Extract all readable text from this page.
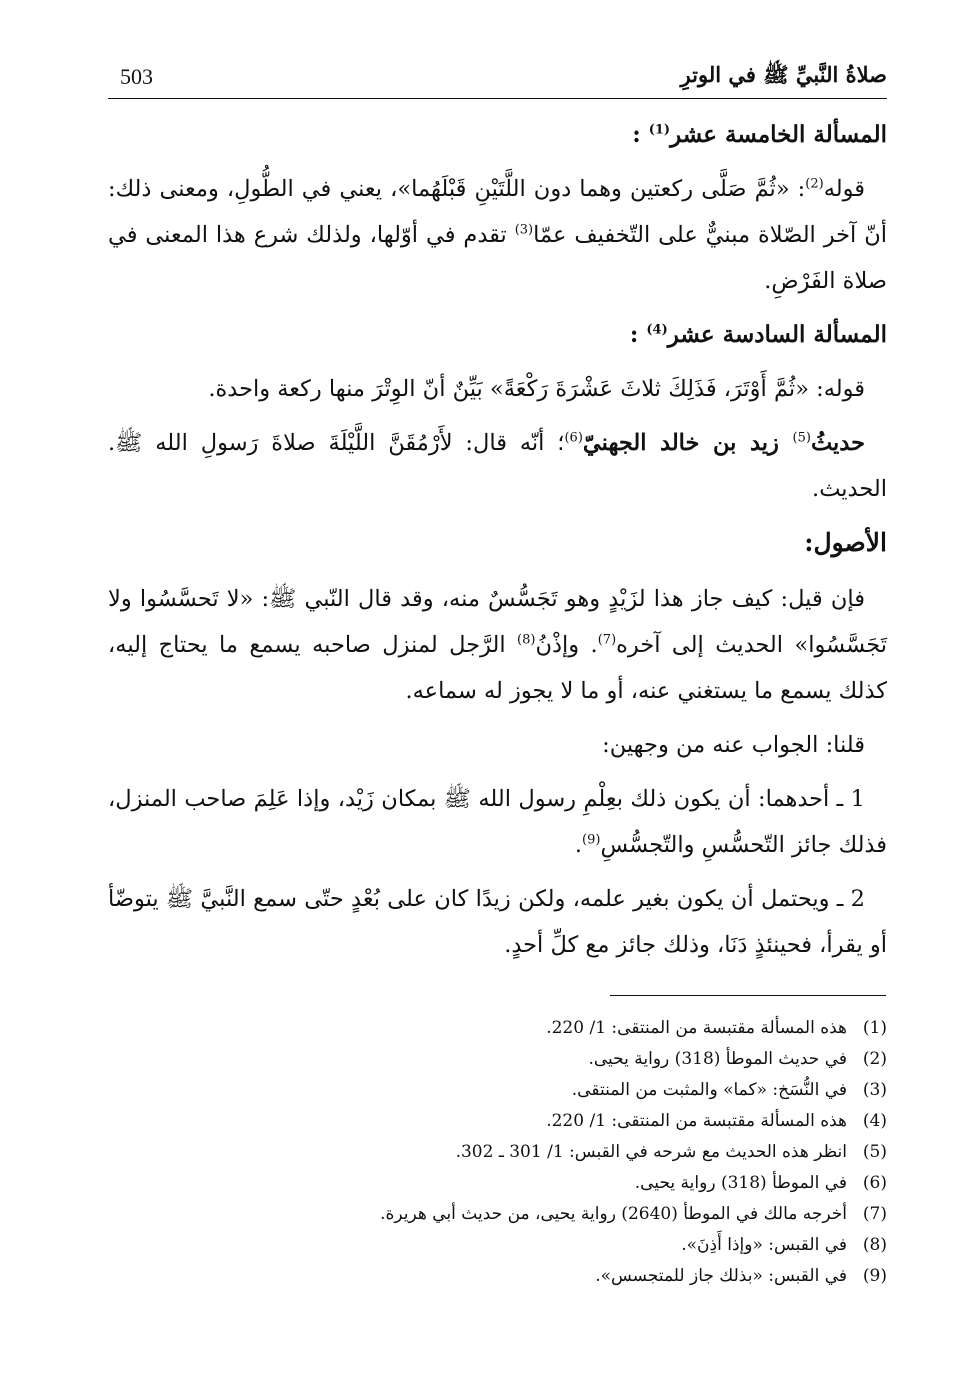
503	صلاةُ النَّبيِّ ﷺ في الوترِ
المسألة الخامسة عشر$^{(1)}$ :

قوله$^{(2)}$: «ثُمَّ صَلَّى ركعتين وهما دون اللَّتَيْنِ قَبْلَهُما»، يعني في الطُّولِ، ومعنى ذلك: أنّ آخر الصّلاة مبنيٌّ على التّخفيف عمّا$^{(3)}$ تقدم في أوّلها، ولذلك شرع هذا المعنى في صلاة الفَرْضِ.

المسألة السادسة عشر$^{(4)}$ :

قوله: «ثُمَّ أَوْتَرَ، فَذَلِكَ ثلاثَ عَشْرَةَ رَكْعَةً» بَيِّنٌ أنّ الوِتْرَ منها ركعة واحدة.

حديثُ$^{(5)}$ زيد بن خالد الجهنيّ$^{(6)}$؛ أنّه قال: لأَرْمُقَنَّ اللَّيْلَةَ صلاةَ رَسولِ الله ﷺ. الحديث.

الأصول:

فإن قيل: كيف جاز هذا لزَيْدٍ وهو تَجَسُّسٌ منه، وقد قال النّبي ﷺ: «لا تَحسَّسُوا ولا تَجَسَّسُوا» الحديث إلى آخره$^{(7)}$. وإذْنُ$^{(8)}$ الرَّجل لمنزل صاحبه يسمع ما يحتاج إليه، كذلك يسمع ما يستغني عنه، أو ما لا يجوز له سماعه.

قلنا: الجواب عنه من وجهين:

1 ـ أحدهما: أن يكون ذلك بعِلْمِ رسول الله ﷺ بمكان زَيْد، وإذا عَلِمَ صاحب المنزل، فذلك جائز التّحسُّسِ والتّجسُّسِ$^{(9)}$.

2 ـ ويحتمل أن يكون بغير علمه، ولكن زيدًا كان على بُعْدٍ حتّى سمع النَّبيَّ ﷺ يتوضّأ أو يقرأ، فحينئذٍ دَنَا، وذلك جائز مع كلِّ أحدٍ.

(1)هذه المسألة مقتبسة من المنتقى: 1/ 220.
(2)في حديث الموطأ (318) رواية يحيى.
(3)في النُّسَخ: «كما» والمثبت من المنتقى.
(4)هذه المسألة مقتبسة من المنتقى: 1/ 220.
(5)انظر هذه الحديث مع شرحه في القبس: 1/ 301 ـ 302.
(6)في الموطأ (318) رواية يحيى.
(7)أخرجه مالك في الموطأ (2640) رواية يحيى، من حديث أبي هريرة.
(8)في القبس: «وإذا أَذِنَ».
(9)في القبس: «بذلك جاز للمتجسس».
